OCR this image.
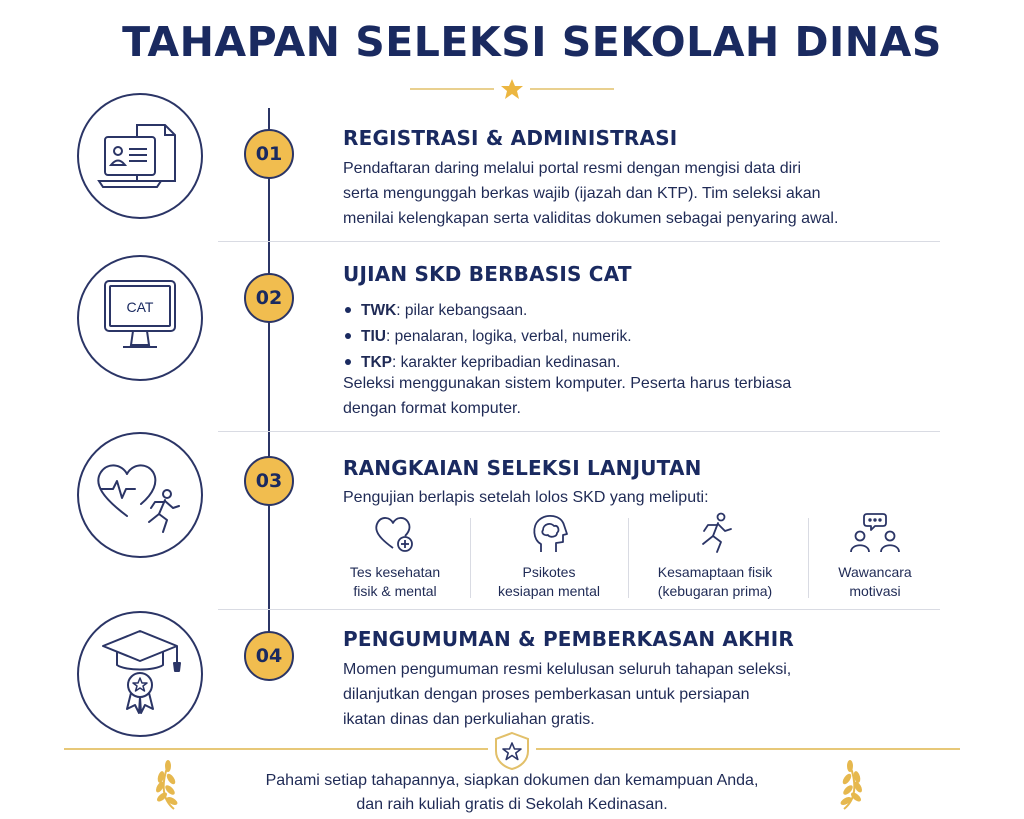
TAHAPAN SELEKSI SEKOLAH DINAS
01
REGISTRASI & ADMINISTRASI
Pendaftaran daring melalui portal resmi dengan mengisi data diri
serta mengunggah berkas wajib (ijazah dan KTP). Tim seleksi akan
menilai kelengkapan serta validitas dokumen sebagai penyaring awal.
CAT	02
UJIAN SKD BERBASIS CAT
TWK: pilar kebangsaan.
TIU: penalaran, logika, verbal, numerik.
TKP: karakter kepribadian kedinasan.
Seleksi menggunakan sistem komputer. Peserta harus terbiasa
dengan format komputer.
03
RANGKAIAN SELEKSI LANJUTAN
Pengujian berlapis setelah lolos SKD yang meliputi:
Tes kesehatan
fisik & mental
Psikotes
kesiapan mental
Kesamaptaan fisik
(kebugaran prima)
Wawancara
motivasi
04
PENGUMUMAN & PEMBERKASAN AKHIR
Momen pengumuman resmi kelulusan seluruh tahapan seleksi,
dilanjutkan dengan proses pemberkasan untuk persiapan
ikatan dinas dan perkuliahan gratis.
Pahami setiap tahapannya, siapkan dokumen dan kemampuan Anda,
dan raih kuliah gratis di Sekolah Kedinasan.
